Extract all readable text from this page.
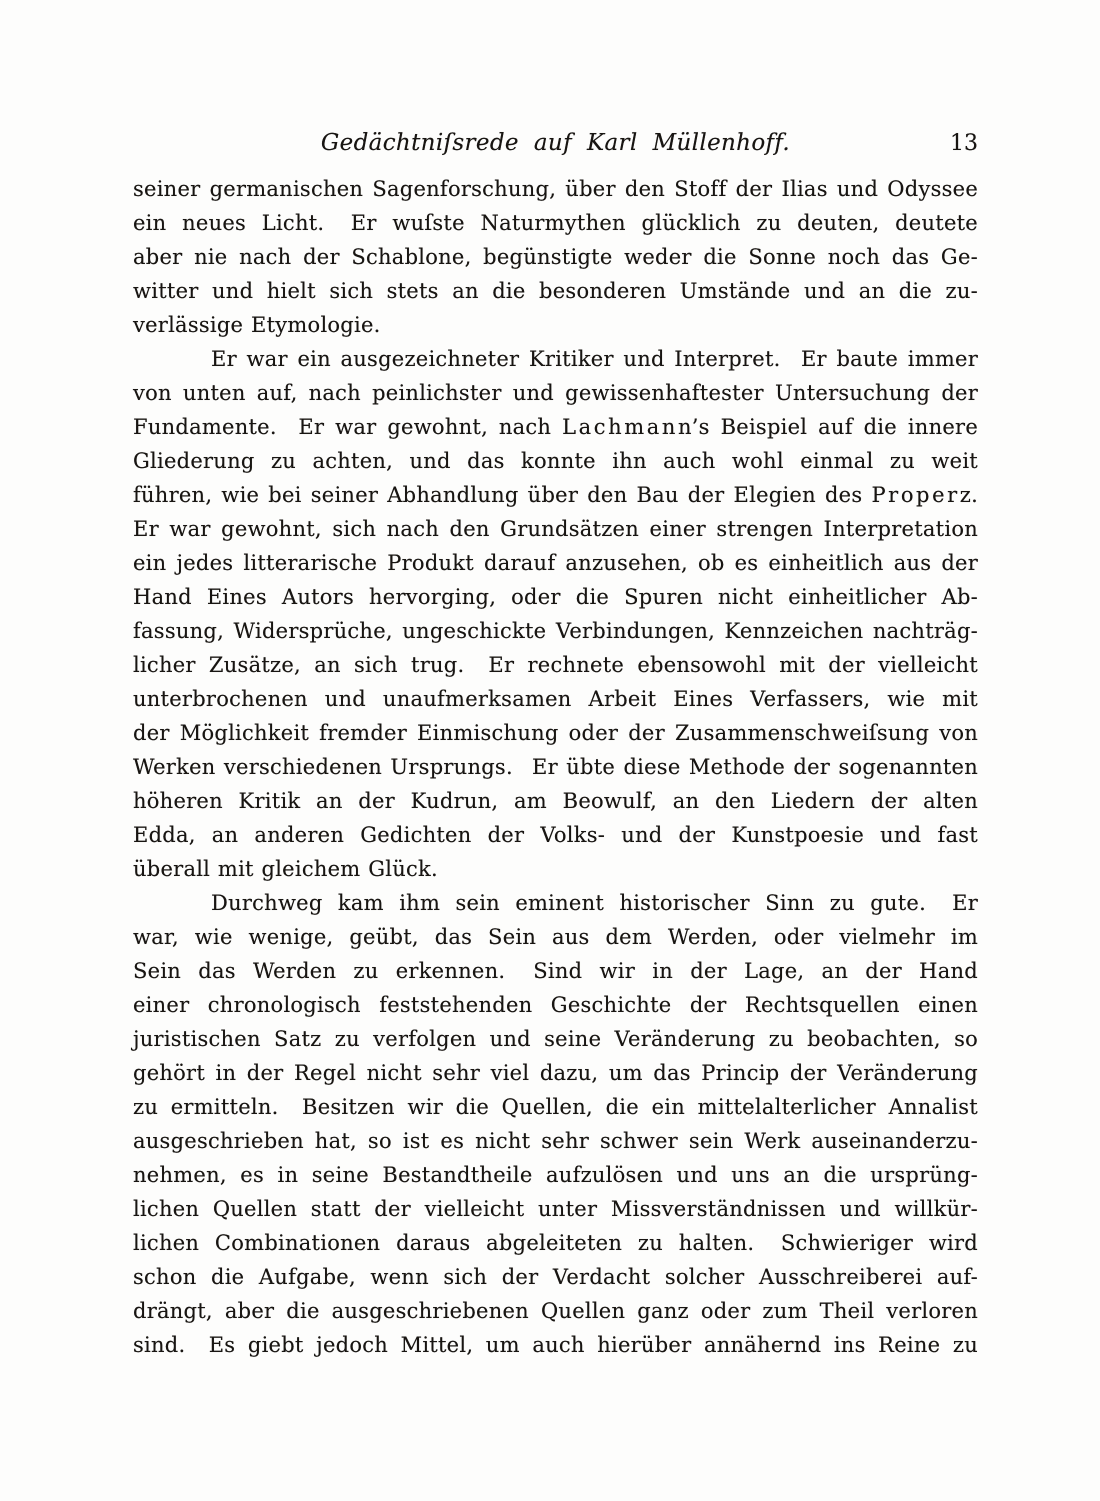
Gedächtniſsrede auf Karl Müllenhoff.	13
seiner germanischen Sagenforschung, über den Stoff der Ilias und Odyssee
ein neues Licht.  Er wuſste Naturmythen glücklich zu deuten, deutete
aber nie nach der Schablone, begünstigte weder die Sonne noch das Ge-
witter und hielt sich stets an die besonderen Umstände und an die zu-
verlässige Etymologie.
Er war ein ausgezeichneter Kritiker und Interpret.  Er baute immer
von unten auf, nach peinlichster und gewissenhaftester Untersuchung der
Fundamente.  Er war gewohnt, nach L a c h m a n n’s Beispiel auf die innere
Gliederung zu achten, und das konnte ihn auch wohl einmal zu weit
führen, wie bei seiner Abhandlung über den Bau der Elegien des P r o p e r z.
Er war gewohnt, sich nach den Grundsätzen einer strengen Interpretation
ein jedes litterarische Produkt darauf anzusehen, ob es einheitlich aus der
Hand Eines Autors hervorging, oder die Spuren nicht einheitlicher Ab-
fassung, Widersprüche, ungeschickte Verbindungen, Kennzeichen nachträg-
licher Zusätze, an sich trug.  Er rechnete ebensowohl mit der vielleicht
unterbrochenen und unaufmerksamen Arbeit Eines Verfassers, wie mit
der Möglichkeit fremder Einmischung oder der Zusammenschweiſsung von
Werken verschiedenen Ursprungs.  Er übte diese Methode der sogenannten
höheren Kritik an der Kudrun, am Beowulf, an den Liedern der alten
Edda, an anderen Gedichten der Volks- und der Kunstpoesie und fast
überall mit gleichem Glück.
Durchweg kam ihm sein eminent historischer Sinn zu gute.  Er
war, wie wenige, geübt, das Sein aus dem Werden, oder vielmehr im
Sein das Werden zu erkennen.  Sind wir in der Lage, an der Hand
einer chronologisch feststehenden Geschichte der Rechtsquellen einen
juristischen Satz zu verfolgen und seine Veränderung zu beobachten, so
gehört in der Regel nicht sehr viel dazu, um das Princip der Veränderung
zu ermitteln.  Besitzen wir die Quellen, die ein mittelalterlicher Annalist
ausgeschrieben hat, so ist es nicht sehr schwer sein Werk auseinanderzu-
nehmen, es in seine Bestandtheile aufzulösen und uns an die ursprüng-
lichen Quellen statt der vielleicht unter Missverständnissen und willkür-
lichen Combinationen daraus abgeleiteten zu halten.  Schwieriger wird
schon die Aufgabe, wenn sich der Verdacht solcher Ausschreiberei auf-
drängt, aber die ausgeschriebenen Quellen ganz oder zum Theil verloren
sind.  Es giebt jedoch Mittel, um auch hierüber annähernd ins Reine zu
